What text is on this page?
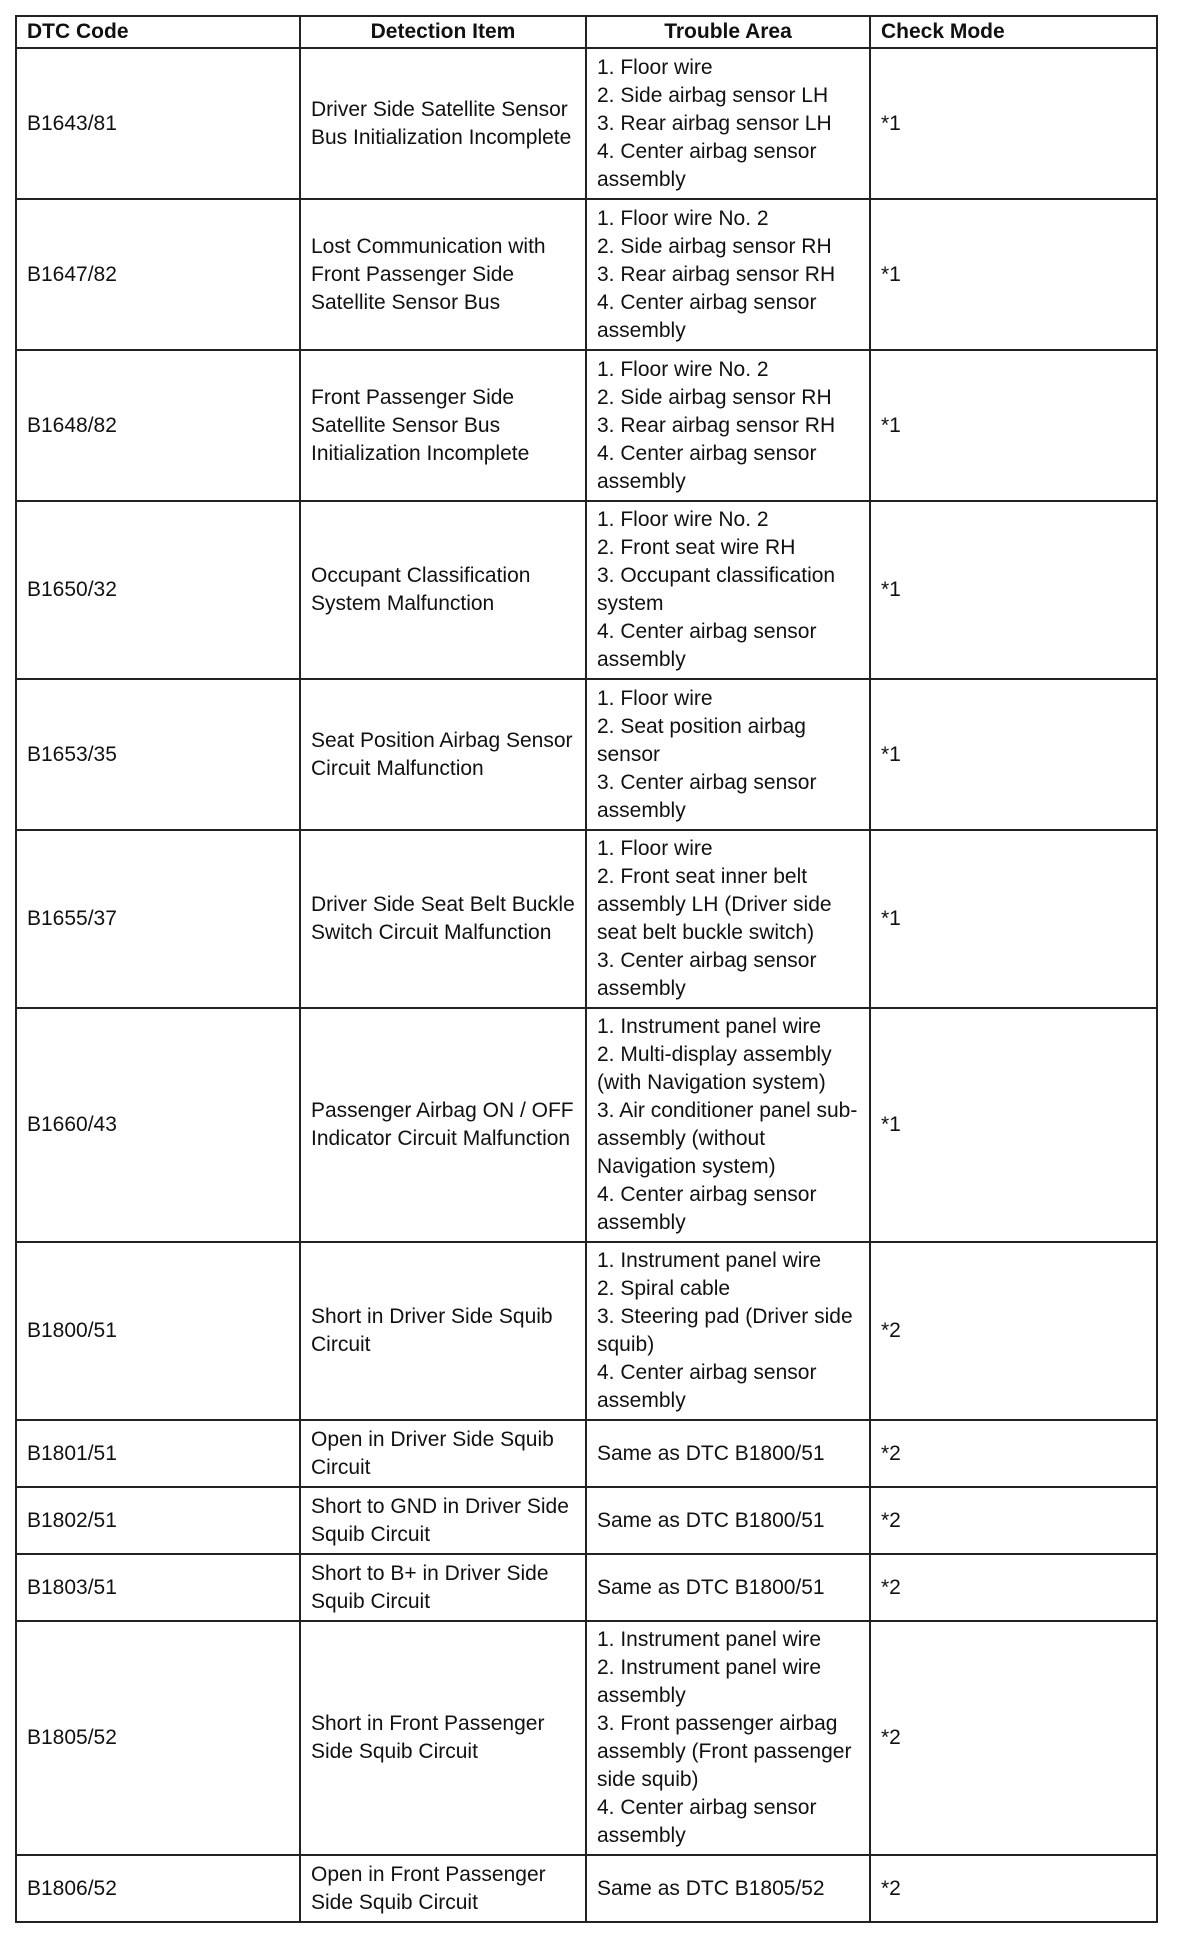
DTC Code	Detection Item	Trouble Area	Check Mode
B1643/81	Driver Side Satellite Sensor Bus Initialization Incomplete	1. Floor wire
2. Side airbag sensor LH
3. Rear airbag sensor LH
4. Center airbag sensor assembly	*1
B1647/82	Lost Communication with Front Passenger Side Satellite Sensor Bus	1. Floor wire No. 2
2. Side airbag sensor RH
3. Rear airbag sensor RH
4. Center airbag sensor assembly	*1
B1648/82	Front Passenger Side Satellite Sensor Bus Initialization Incomplete	1. Floor wire No. 2
2. Side airbag sensor RH
3. Rear airbag sensor RH
4. Center airbag sensor assembly	*1
B1650/32	Occupant Classification System Malfunction	1. Floor wire No. 2
2. Front seat wire RH
3. Occupant classification system
4. Center airbag sensor assembly	*1
B1653/35	Seat Position Airbag Sensor Circuit Malfunction	1. Floor wire
2. Seat position airbag sensor
3. Center airbag sensor assembly	*1
B1655/37	Driver Side Seat Belt Buckle Switch Circuit Malfunction	1. Floor wire
2. Front seat inner belt assembly LH (Driver side seat belt buckle switch)
3. Center airbag sensor assembly	*1
B1660/43	Passenger Airbag ON / OFF Indicator Circuit Malfunction	1. Instrument panel wire
2. Multi-display assembly (with Navigation system)
3. Air conditioner panel sub-assembly (without Navigation system)
4. Center airbag sensor assembly	*1
B1800/51	Short in Driver Side Squib Circuit	1. Instrument panel wire
2. Spiral cable
3. Steering pad (Driver side squib)
4. Center airbag sensor assembly	*2
B1801/51	Open in Driver Side Squib Circuit	Same as DTC B1800/51	*2
B1802/51	Short to GND in Driver Side Squib Circuit	Same as DTC B1800/51	*2
B1803/51	Short to B+ in Driver Side Squib Circuit	Same as DTC B1800/51	*2
B1805/52	Short in Front Passenger Side Squib Circuit	1. Instrument panel wire
2. Instrument panel wire assembly
3. Front passenger airbag assembly (Front passenger side squib)
4. Center airbag sensor assembly	*2
B1806/52	Open in Front Passenger Side Squib Circuit	Same as DTC B1805/52	*2
